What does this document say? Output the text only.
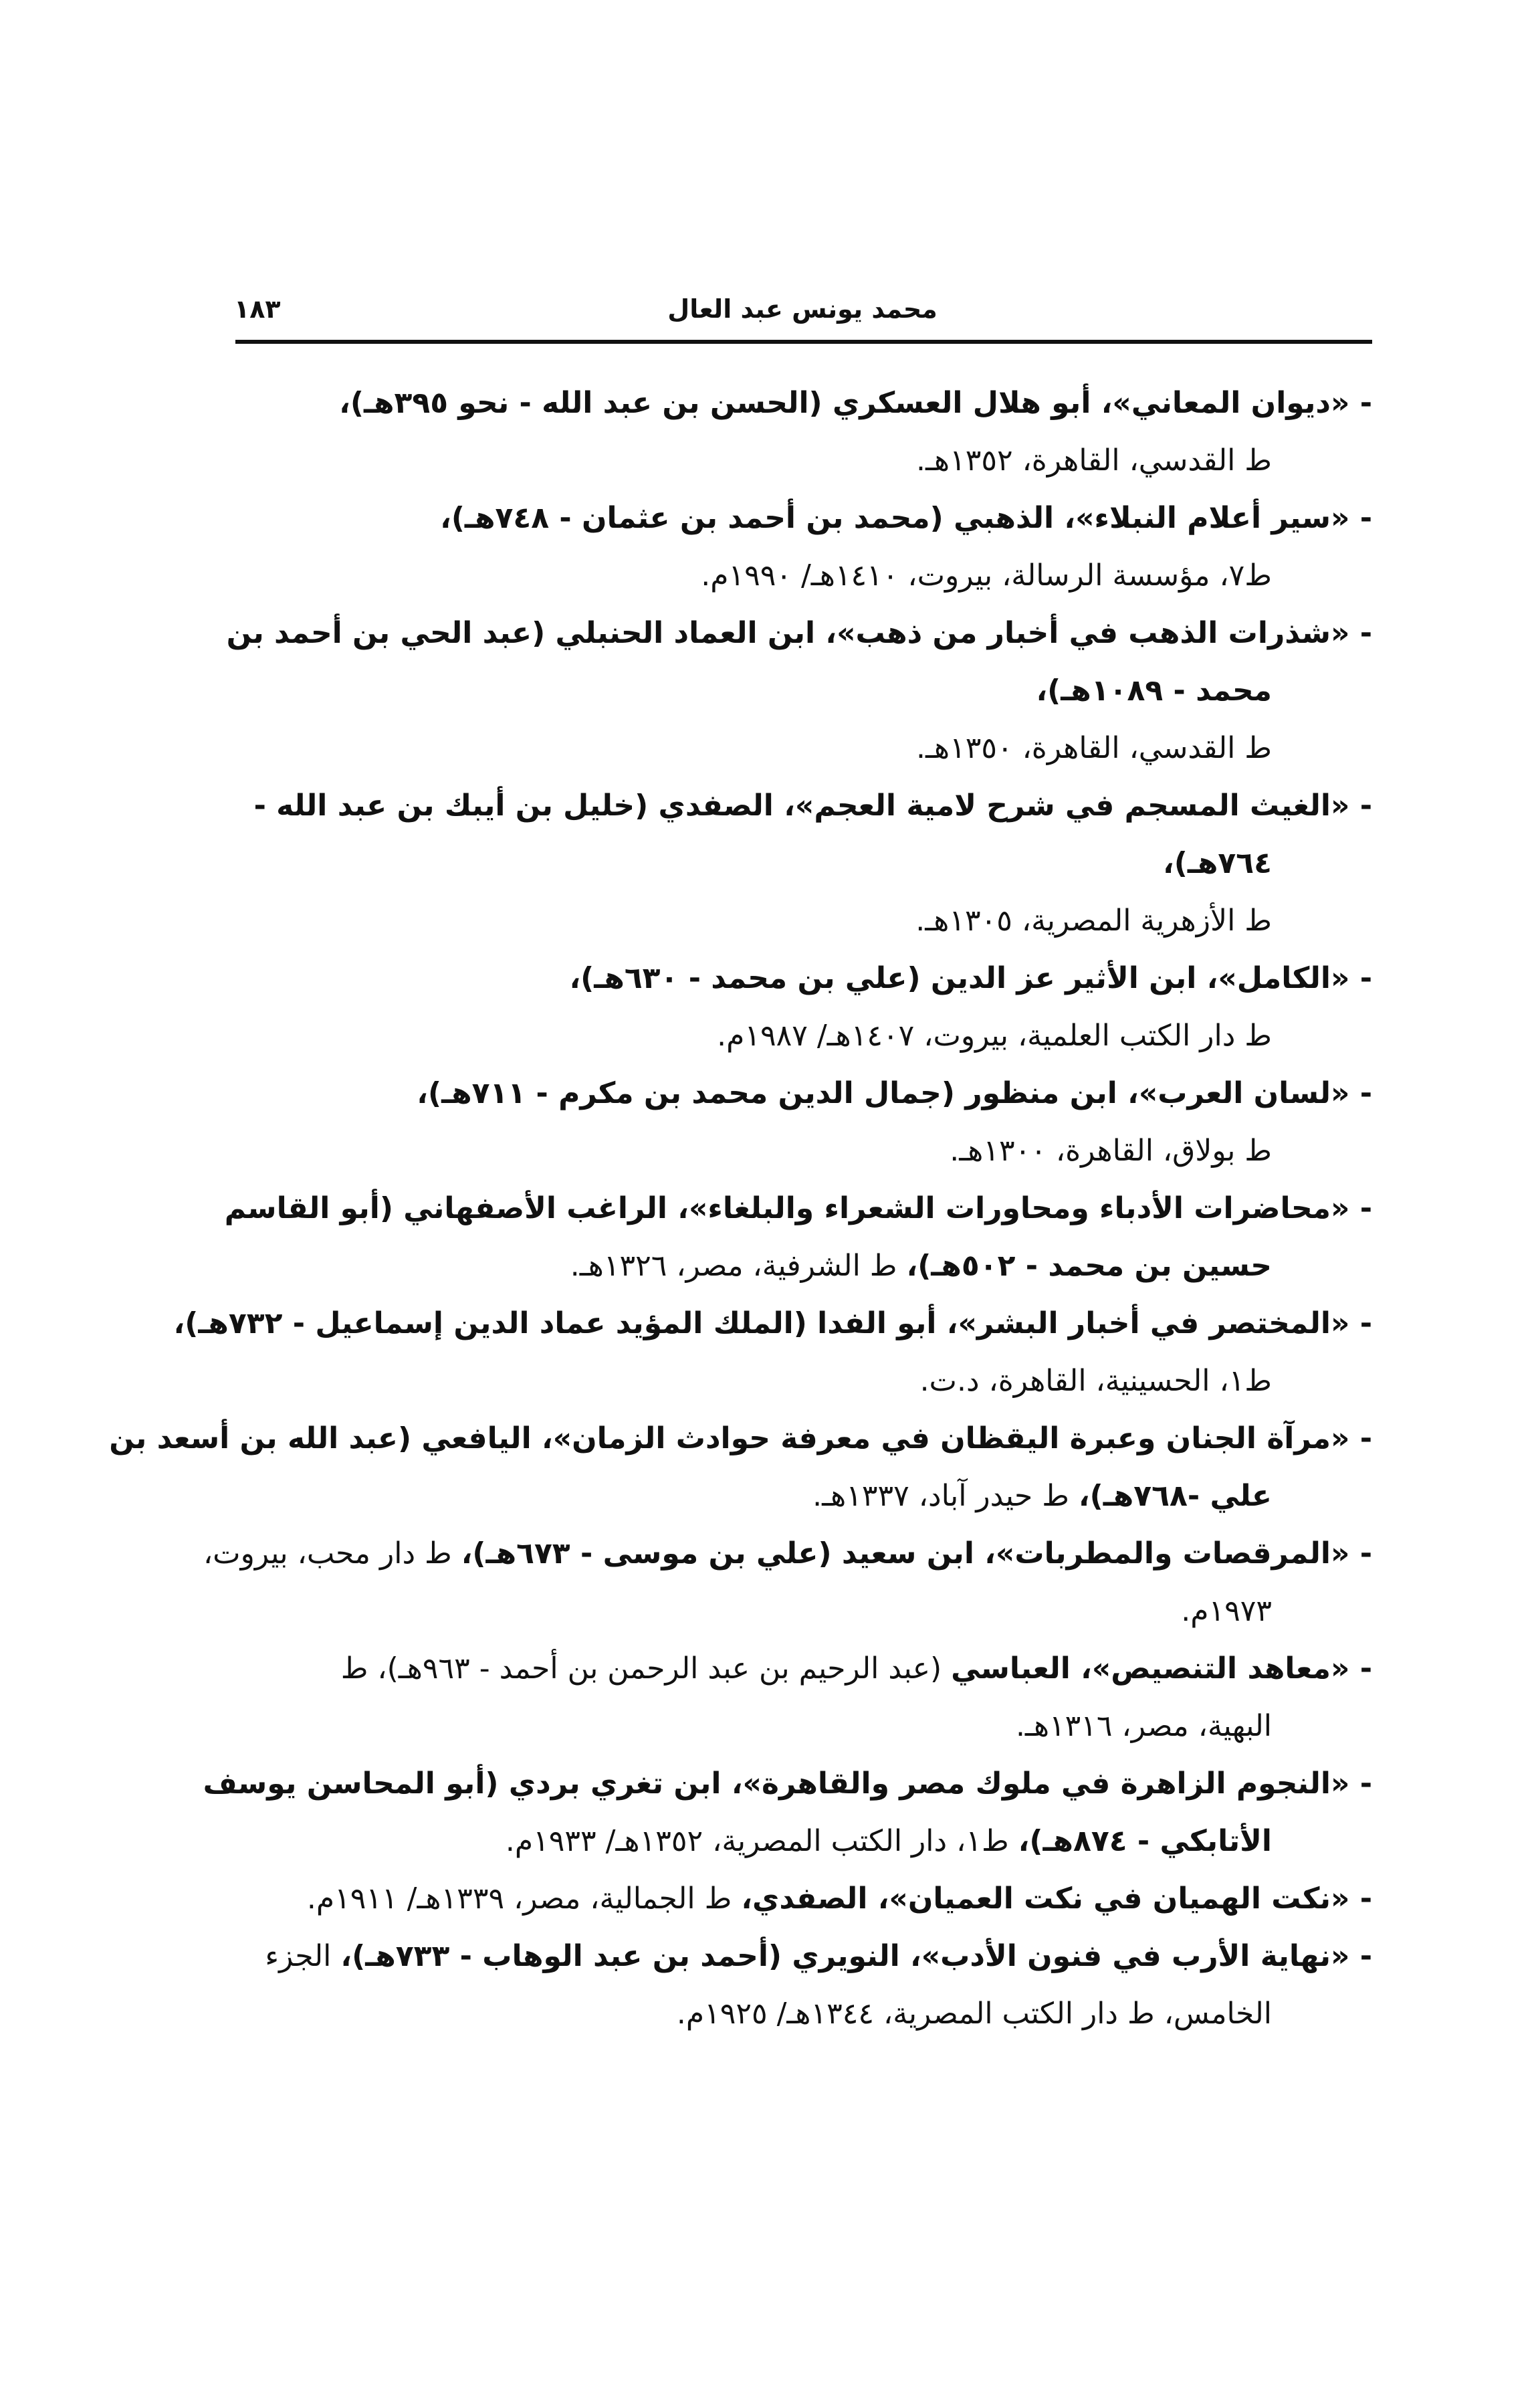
محمد يونس عبد العال
١٨٣
- «ديوان المعاني»، أبو هلال العسكري (الحسن بن عبد الله - نحو ٣٩٥هـ)،
ط القدسي، القاهرة، ١٣٥٢هـ.
- «سير أعلام النبلاء»، الذهبي (محمد بن أحمد بن عثمان - ٧٤٨هـ)،
ط٧، مؤسسة الرسالة، بيروت، ١٤١٠هـ/ ١٩٩٠م.
- «شذرات الذهب في أخبار من ذهب»، ابن العماد الحنبلي (عبد الحي بن أحمد بن
محمد - ١٠٨٩هـ)،
ط القدسي، القاهرة، ١٣٥٠هـ.
- «الغيث المسجم في شرح لامية العجم»، الصفدي (خليل بن أيبك بن عبد الله -
٧٦٤هـ)،
ط الأزهرية المصرية، ١٣٠٥هـ.
- «الكامل»، ابن الأثير عز الدين (علي بن محمد - ٦٣٠هـ)،
ط دار الكتب العلمية، بيروت، ١٤٠٧هـ/ ١٩٨٧م.
- «لسان العرب»، ابن منظور (جمال الدين محمد بن مكرم - ٧١١هـ)،
ط بولاق، القاهرة، ١٣٠٠هـ.
- «محاضرات الأدباء ومحاورات الشعراء والبلغاء»، الراغب الأصفهاني (أبو القاسم
حسين بن محمد - ٥٠٢هـ)، ط الشرفية، مصر، ١٣٢٦هـ.
- «المختصر في أخبار البشر»، أبو الفدا (الملك المؤيد عماد الدين إسماعيل - ٧٣٢هـ)،
ط١، الحسينية، القاهرة، د.ت.
- «مرآة الجنان وعبرة اليقظان في معرفة حوادث الزمان»، اليافعي (عبد الله بن أسعد بن
علي -٧٦٨هـ)، ط حيدر آباد، ١٣٣٧هـ.
- «المرقصات والمطربات»، ابن سعيد (علي بن موسى - ٦٧٣هـ)، ط دار محب، بيروت،
١٩٧٣م.
- «معاهد التنصيص»، العباسي (عبد الرحيم بن عبد الرحمن بن أحمد - ٩٦٣هـ)، ط
البهية، مصر، ١٣١٦هـ.
- «النجوم الزاهرة في ملوك مصر والقاهرة»، ابن تغري بردي (أبو المحاسن يوسف
الأتابكي - ٨٧٤هـ)، ط١، دار الكتب المصرية، ١٣٥٢هـ/ ١٩٣٣م.
- «نكت الهميان في نكت العميان»، الصفدي، ط الجمالية، مصر، ١٣٣٩هـ/ ١٩١١م.
- «نهاية الأرب في فنون الأدب»، النويري (أحمد بن عبد الوهاب - ٧٣٣هـ)، الجزء
الخامس، ط دار الكتب المصرية، ١٣٤٤هـ/ ١٩٢٥م.
